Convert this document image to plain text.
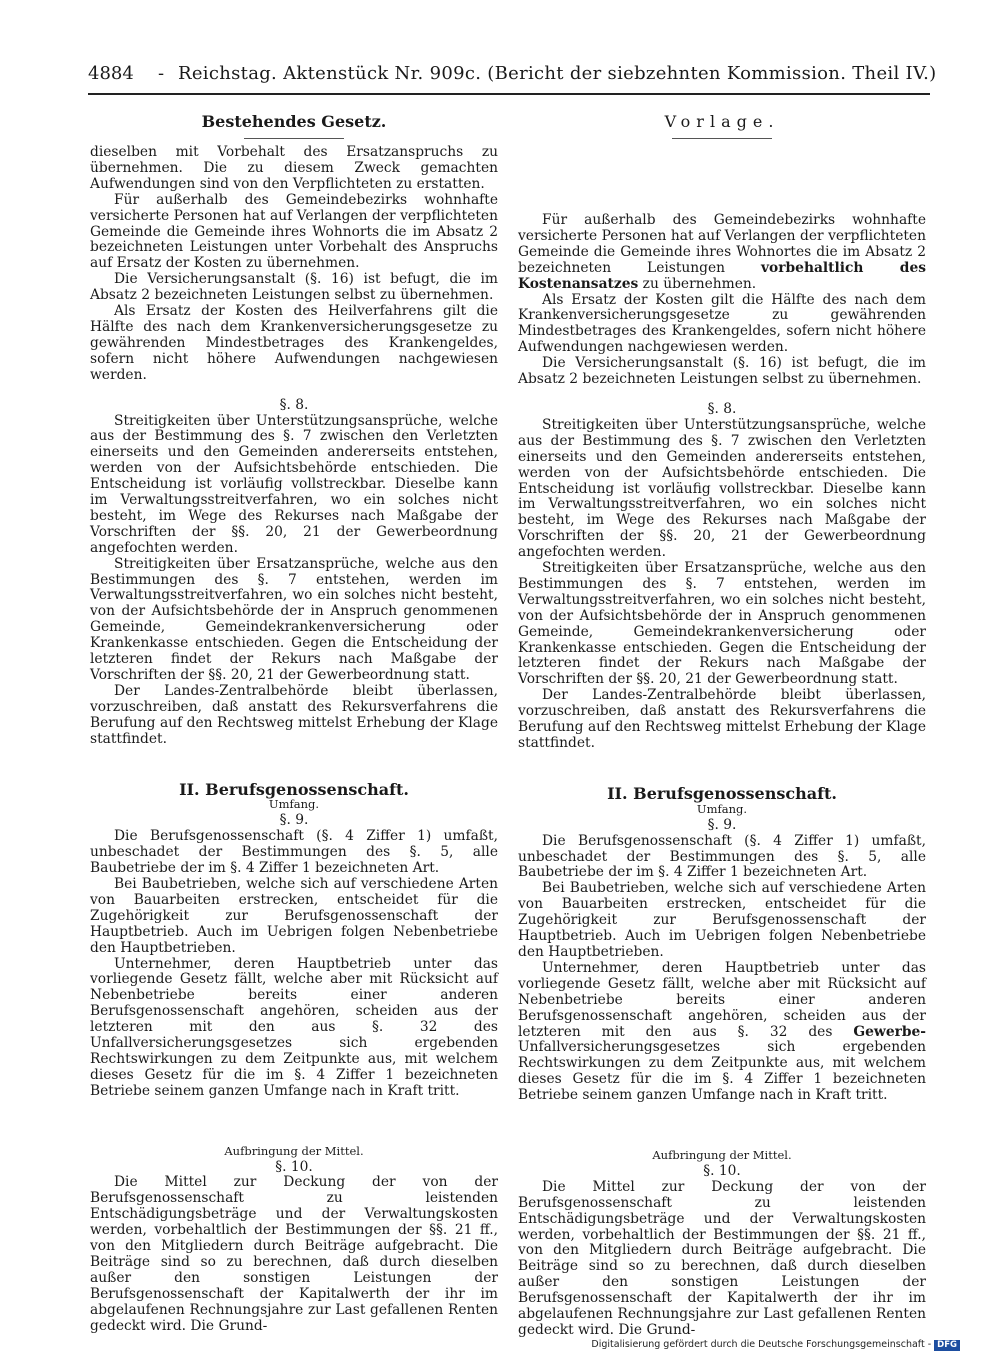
4884 - Reichstag. Aktenstück Nr. 909c. (Bericht der siebzehnten Kommission. Theil IV.)
Bestehendes Gesetz.

dieselben mit Vorbehalt des Ersatzanspruchs zu übernehmen. Die zu diesem Zweck gemachten Aufwendungen sind von den Verpflichteten zu erstatten.

Für außerhalb des Gemeindebezirks wohnhafte versicherte Personen hat auf Verlangen der verpflichteten Gemeinde die Gemeinde ihres Wohnorts die im Absatz 2 bezeichneten Leistungen unter Vorbehalt des Anspruchs auf Ersatz der Kosten zu übernehmen.

Die Versicherungsanstalt (§. 16) ist befugt, die im Absatz 2 bezeichneten Leistungen selbst zu übernehmen.

Als Ersatz der Kosten des Heilverfahrens gilt die Hälfte des nach dem Krankenversicherungsgesetze zu gewährenden Mindestbetrages des Krankengeldes, sofern nicht höhere Aufwendungen nachgewiesen werden.

§. 8.

Streitigkeiten über Unterstützungsansprüche, welche aus der Bestimmung des §. 7 zwischen den Verletzten einerseits und den Gemeinden andererseits entstehen, werden von der Aufsichtsbehörde entschieden. Die Entscheidung ist vorläufig vollstreckbar. Dieselbe kann im Verwaltungsstreitverfahren, wo ein solches nicht besteht, im Wege des Rekurses nach Maßgabe der Vorschriften der §§. 20, 21 der Gewerbeordnung angefochten werden.

Streitigkeiten über Ersatzansprüche, welche aus den Bestimmungen des §. 7 entstehen, werden im Verwaltungsstreitverfahren, wo ein solches nicht besteht, von der Aufsichtsbehörde der in Anspruch genommenen Gemeinde, Gemeindekrankenversicherung oder Krankenkasse entschieden. Gegen die Entscheidung der letzteren findet der Rekurs nach Maßgabe der Vorschriften der §§. 20, 21 der Gewerbeordnung statt.

Der Landes-Zentralbehörde bleibt überlassen, vorzuschreiben, daß anstatt des Rekursverfahrens die Berufung auf den Rechtsweg mittelst Erhebung der Klage stattfindet.

II. Berufsgenossenschaft.

Umfang.

§. 9.

Die Berufsgenossenschaft (§. 4 Ziffer 1) umfaßt, unbeschadet der Bestimmungen des §. 5, alle Baubetriebe der im §. 4 Ziffer 1 bezeichneten Art.

Bei Baubetrieben, welche sich auf verschiedene Arten von Bauarbeiten erstrecken, entscheidet für die Zugehörigkeit zur Berufsgenossenschaft der Hauptbetrieb. Auch im Uebrigen folgen Nebenbetriebe den Hauptbetrieben.

Unternehmer, deren Hauptbetrieb unter das vorliegende Gesetz fällt, welche aber mit Rücksicht auf Nebenbetriebe bereits einer anderen Berufsgenossenschaft angehören, scheiden aus der letzteren mit den aus §. 32 des Unfallversicherungsgesetzes sich ergebenden Rechtswirkungen zu dem Zeitpunkte aus, mit welchem dieses Gesetz für die im §. 4 Ziffer 1 bezeichneten Betriebe seinem ganzen Umfange nach in Kraft tritt.

Aufbringung der Mittel.

§. 10.

Die Mittel zur Deckung der von der Berufsgenossenschaft zu leistenden Entschädigungsbeträge und der Verwaltungskosten werden, vorbehaltlich der Bestimmungen der §§. 21 ff., von den Mitgliedern durch Beiträge aufgebracht. Die Beiträge sind so zu berechnen, daß durch dieselben außer den sonstigen Leistungen der Berufsgenossenschaft der Kapitalwerth der ihr im abgelaufenen Rechnungsjahre zur Last gefallenen Renten gedeckt wird. Die Grund-

Vorlage.

Für außerhalb des Gemeindebezirks wohnhafte versicherte Personen hat auf Verlangen der verpflichteten Gemeinde die Gemeinde ihres Wohnortes die im Absatz 2 bezeichneten Leistungen	vorbehaltlich des Kostenansatzes zu übernehmen.

Als Ersatz der Kosten gilt die Hälfte des nach dem Krankenversicherungsgesetze zu gewährenden Mindestbetrages des Krankengeldes, sofern nicht höhere Aufwendungen nachgewiesen werden.

Die Versicherungsanstalt (§. 16) ist befugt, die im Absatz 2 bezeichneten Leistungen selbst zu übernehmen.

§. 8.

Streitigkeiten über Unterstützungsansprüche, welche aus der Bestimmung des §. 7 zwischen den Verletzten einerseits und den Gemeinden andererseits entstehen, werden von der Aufsichtsbehörde entschieden. Die Entscheidung ist vorläufig vollstreckbar. Dieselbe kann im Verwaltungsstreitverfahren, wo ein solches nicht besteht, im Wege des Rekurses nach Maßgabe der Vorschriften der §§. 20, 21 der Gewerbeordnung angefochten werden.

Streitigkeiten über Ersatzansprüche, welche aus den Bestimmungen des §. 7 entstehen, werden im Verwaltungsstreitverfahren, wo ein solches nicht besteht, von der Aufsichtsbehörde der in Anspruch genommenen Gemeinde, Gemeindekrankenversicherung oder Krankenkasse entschieden. Gegen die Entscheidung der letzteren findet der Rekurs nach Maßgabe der Vorschriften der §§. 20, 21 der Gewerbeordnung statt.

Der Landes-Zentralbehörde bleibt überlassen, vorzuschreiben, daß anstatt des Rekursverfahrens die Berufung auf den Rechtsweg mittelst Erhebung der Klage stattfindet.

II. Berufsgenossenschaft.

Umfang.

§. 9.

Die Berufsgenossenschaft (§. 4 Ziffer 1) umfaßt, unbeschadet der Bestimmungen des §. 5, alle Baubetriebe der im §. 4 Ziffer 1 bezeichneten Art.

Bei Baubetrieben, welche sich auf verschiedene Arten von Bauarbeiten erstrecken, entscheidet für die Zugehörigkeit zur Berufsgenossenschaft der Hauptbetrieb. Auch im Uebrigen folgen Nebenbetriebe den Hauptbetrieben.

Unternehmer, deren Hauptbetrieb unter das vorliegende Gesetz fällt, welche aber mit Rücksicht auf Nebenbetriebe bereits einer anderen Berufsgenossenschaft angehören, scheiden aus der letzteren mit den aus §. 32 des Gewerbe-Unfallversicherungsgesetzes sich ergebenden Rechtswirkungen zu dem Zeitpunkte aus, mit welchem dieses Gesetz für die im §. 4 Ziffer 1 bezeichneten Betriebe seinem ganzen Umfange nach in Kraft tritt.

Aufbringung der Mittel.

§. 10.

Die Mittel zur Deckung der von der Berufsgenossenschaft zu leistenden Entschädigungsbeträge und der Verwaltungskosten werden, vorbehaltlich der Bestimmungen der §§. 21 ff., von den Mitgliedern durch Beiträge aufgebracht. Die Beiträge sind so zu berechnen, daß durch dieselben außer den sonstigen Leistungen der Berufsgenossenschaft der Kapitalwerth der ihr im abgelaufenen Rechnungsjahre zur Last gefallenen Renten gedeckt wird. Die Grund-

Digitalisierung gefördert durch die Deutsche Forschungsgemeinschaft - DFG
